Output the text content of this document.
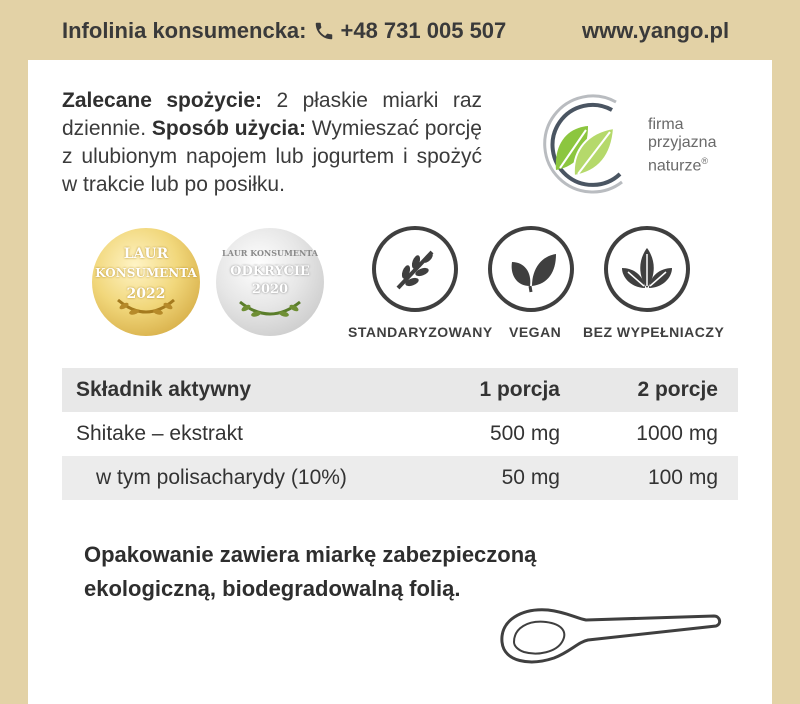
Infolinia konsumencka: +48 731 005 507	www.yango.pl
Zalecane spożycie: 2 płaskie miarki raz dziennie. Sposób użycia: Wymieszać porcję z ulubionym napojem lub jogurtem i spożyć w trakcie lub po posiłku.
firma
przyjazna
naturze®
LAUR
KONSUMENTA
2022
LAUR KONSUMENTA
ODKRYCIE
2020
STANDARYZOWANY VEGAN BEZ WYPEŁNIACZY
Składnik aktywny	1 porcja	2 porcje
Shitake – ekstrakt	500 mg	1000 mg
w tym polisacharydy (10%)	50 mg	100 mg
Opakowanie zawiera miarkę zabezpieczoną ekologiczną, biodegradowalną folią.
